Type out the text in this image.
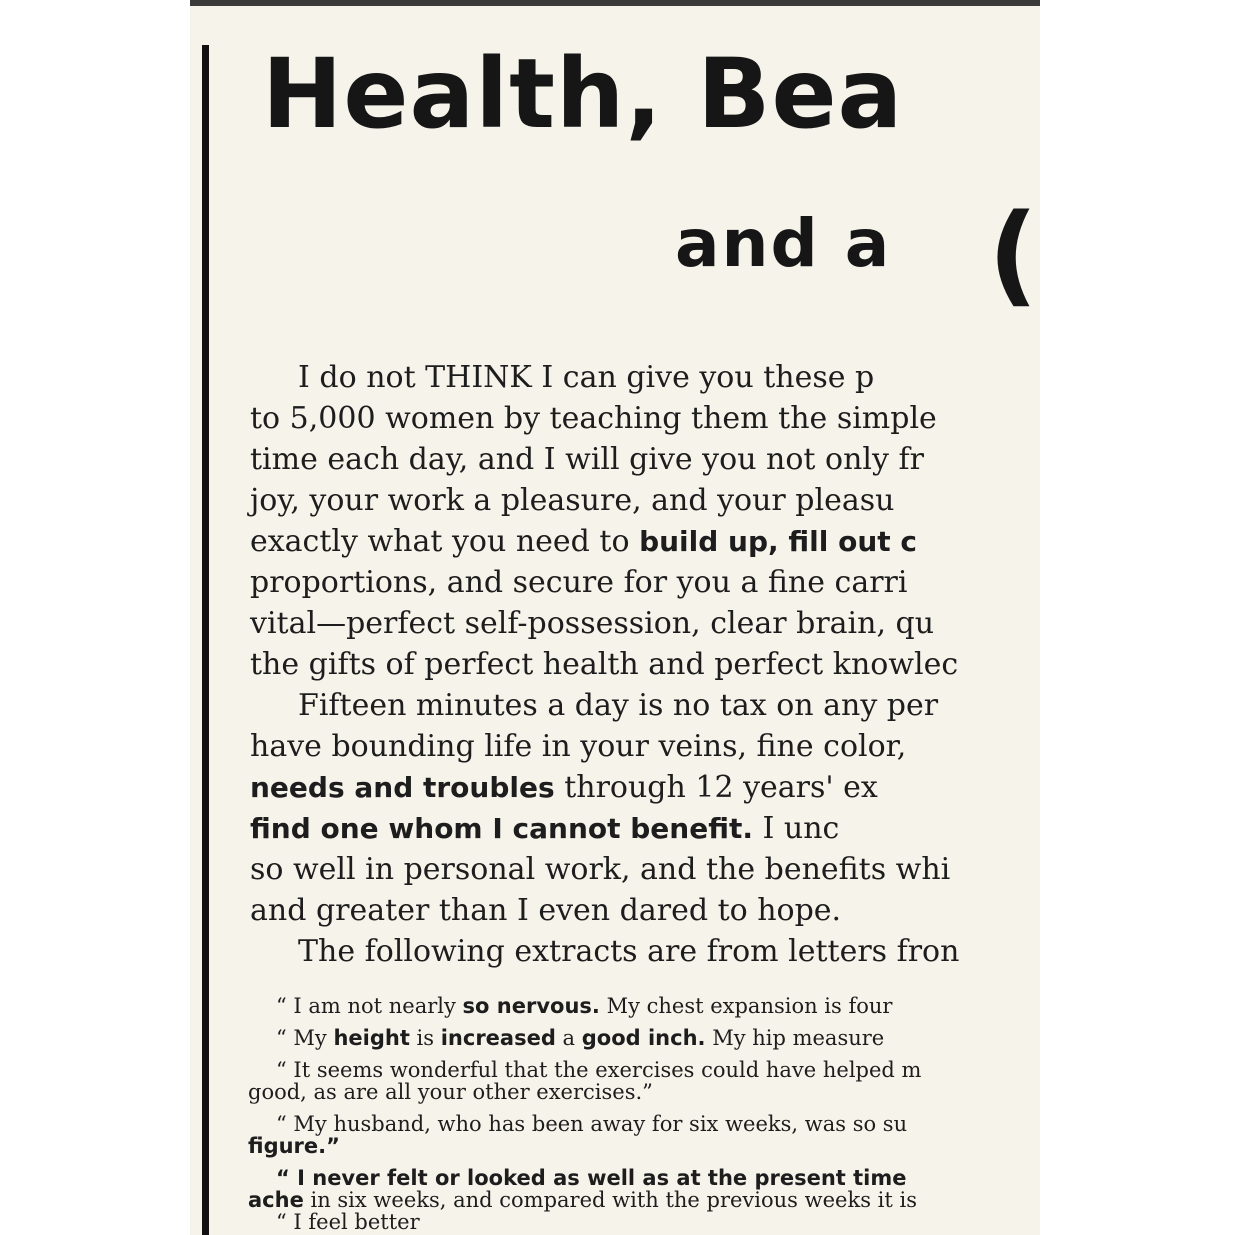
Health, Bea
and a (
I do not THINK I can give you these p
to 5,000 women by teaching them the simple
time each day, and I will give you not only fr
joy, your work a pleasure, and your pleasu
exactly what you need to build up, fill out c
proportions, and secure for you a fine carri
vital—perfect self-possession, clear brain, qu
the gifts of perfect health and perfect knowlec
Fifteen minutes a day is no tax on any per
have bounding life in your veins, fine color,
needs and troubles through 12 years' ex
find one whom I cannot benefit. I unc
so well in personal work, and the benefits whi
and greater than I even dared to hope.
The following extracts are from letters fron
“ I am not nearly so nervous. My chest expansion is four
“ My height is increased a good inch. My hip measure
“ It seems wonderful that the exercises could have helped m
good, as are all your other exercises.”
“ My husband, who has been away for six weeks, was so su
figure.”
“ I never felt or looked as well as at the present time
ache in six weeks, and compared with the previous weeks it is
“ I feel better
